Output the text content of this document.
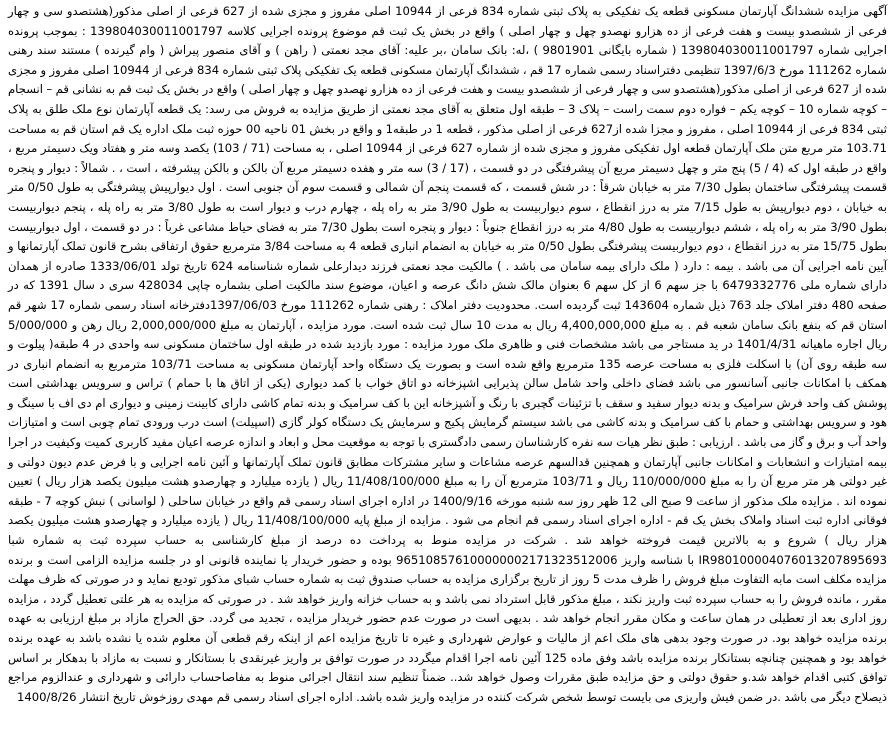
آگهی مزایده ششدانگ آپارتمان مسکونی قطعه یک تفکیکی به پلاک ثبتی شماره 834 فرعی از 10944 اصلی مفروز و مجزی شده از 627 فرعی از اصلی مذکور(هشتصدو سی و چهار فرعی از ششصدو بیست و هفت فرعی از ده هزارو نهصدو چهل و چهار اصلی ) واقع در بخش یک ثبت قم موضوع پرونده اجرایی کلاسه 139804030011001797 : بموجب پرونده اجرایی شماره 139804030011001797 ( شماره بایگانی 9801901 ) ،له: بانک سامان ،بر علیه: آقای مجد نعمتی ( راهن ) و آقای منصور پیراش ( وام گیرنده ) مستند سند رهنی شماره 111262 مورخ 1397/6/3 تنظیمی دفتراسناد رسمی شماره 17 قم ، ششدانگ آپارتمان مسکونی قطعه یک تفکیکی پلاک ثبتی شماره 834 فرعی از 10944 اصلی مفروز و مجزی شده از 627 فرعی از اصلی مذکور(هشتصدو سی و چهار فرعی از ششصدو بیست و هفت فرعی از ده هزارو نهصدو چهل و چهار اصلی ) واقع در بخش یک ثبت قم به نشانی قم – انسجام – کوچه شماره 10 – کوچه یکم – فواره دوم سمت راست – پلاک 3 – طبقه اول متعلق به آقای مجد نعمتی از طریق مزایده به فروش می رسد: یک قطعه آپارتمان نوع ملک طلق به پلاک ثبتی 834 فرعی از 10944 اصلی ، مفروز و مجزا شده از627 فرعی از اصلی مذکور ، قطعه 1 در طبقه1 و واقع در بخش 01 ناحیه 00 حوزه ثبت ملک اداره یک قم استان قم به مساحت 103.71 متر مربع متن ملک آپارتمان قطعه اول تفکیکی مفروز و مجزی شده از شماره 627 فرعی از 10944 اصلی ، به مساحت (71 / 103) یکصد وسه متر و هفتاد ویک دسیمتر مربع ، واقع در طبقه اول که (4 / 5) پنج متر و چهل دسیمتر مربع آن پیشرفتگی در دو قسمت ، (17 / 3) سه متر و هفده دسیمتر مربع آن بالکن و بالکن پیشرفته ، است ، . شمالاً : دیوار و پنجره قسمت پیشرفتگی ساختمان بطول 7/30 متر به خیابان شرقاً : در شش قسمت ، که قسمت پنجم آن شمالی و قسمت سوم آن جنوبی است . اول دیوارپیش پیشرفتگی به طول 0/50 متر به خیابان ، دوم دیوارپیش به طول 7/15 متر به درز انقطاع ، سوم دیواربیست به طول 3/90 متر به راه پله ، چهارم درب و دیوار است به طول 3/80 متر به راه پله ، پنجم دیواربیست بطول 3/90 متر به راه پله ، ششم دیواربیست به طول 4/80 متر به درز انقطاع جنوباً : دیوار و پنجره است بطول 7/30 متر به فضای حیاط مشاعی غرباً : در دو قسمت ، اول دیواربیست بطول 15/75 متر به درز انقطاع ، دوم دیواربیست پیشرفتگی بطول 0/50 متر به خیابان به انضمام انباری قطعه 4 به مساحت 3/84 مترمربع حقوق ارتفاقی بشرح قانون تملک آپارتمانها و آیین نامه اجرایی آن می باشد . بیمه : دارد ( ملک دارای بیمه سامان می باشد . ) مالکیت مجد نعمتی فرزند دیدارعلی شماره شناسنامه 624 تاریخ تولد 1333/06/01 صادره از همدان دارای شماره ملی 6479332776 با جز سهم 6 از کل سهم 6 بعنوان مالک شش دانگ عرصه و اعیان، موضوع سند مالکیت اصلی بشماره چاپی 428034 سری د سال 1391 که در صفحه 480 دفتر املاک جلد 763 ذیل شماره 143604 ثبت گردیده است. محدودیت دفتر املاک : رهنی شماره 111262 مورخ 1397/06/03دفترخانه اسناد رسمی شماره 17 شهر قم استان قم که بنفع بانک سامان شعبه قم . به مبلغ 4,400,000,000 ریال به مدت 10 سال ثبت شده است. مورد مزایده ، آپارتمان به مبلغ 2,000,000/000 ریال رهن و 5/000/000 ریال اجاره ماهیانه 1401/4/31 در ید مستاجر می باشد مشخصات فنی و ظاهری ملک مورد مزایده : مورد بازدید شده در طبقه اول ساختمان مسکونی سه واحدی در 4 طبقه( پیلوت و سه طبقه روی آن) با اسکلت فلزی به مساحت عرصه 135 مترمربع واقع شده است و بصورت یک دستگاه واحد آپارتمان مسکونی به مساحت 103/71 مترمربع به انضمام انباری در همکف با امکانات جانبی آسانسور می باشد فضای داخلی واحد شامل سالن پذیرایی اشپزخانه دو اتاق خواب با کمد دیواری (یکی از اتاق ها با حمام ) تراس و سرویس بهداشتی است پوشش کف واحد فرش سرامیک و بدنه دیوار سفید و سقف با تزئینات گچبری با رنگ و آشپزخانه این با کف سرامیک و بدنه تمام کاشی دارای کابینت زمینی و دیواری ام دی اف با سینگ و هود و سرویس بهداشتی و حمام با کف سرامیک و بدنه کاشی می باشد سیستم گرمایش پکیج و سرمایش یک دستگاه کولر گازی (اسپیلت) است درب ورودی تمام چوبی است و امتیازات واحد آب و برق و گاز می باشد . ارزیابی : طبق نظر هیات سه نفره کارشناسان رسمی دادگستری با توجه به موقعیت محل و ابعاد و اندازه عرصه اعیان مفید کاربری کمیت وکیفیت در اجرا بیمه امتیازات و انشعابات و امکانات جانبی آپارتمان و همچنین قدالسهم عرصه مشاعات و سایر مشترکات مطابق قانون تملک آپارتمانها و آئین نامه اجرایی و با فرض عدم دیون دولتی و غیر دولتی هر متر مربع آن را به مبلغ 110/000/000 ریال و 103/71 مترمربع آن را به مبلغ 11/408/100/000 ریال ( یازده میلیارد و چهارصدو هشت میلیون یکصد هزار ریال ) تعیین نموده اند . مزایده ملک مذکور از ساعت 9 صبح الی 12 ظهر روز سه شنبه مورخه 1400/9/16 در اداره اجرای اسناد رسمی قم واقع در خیابان ساحلی ( لواسانی ) نبش کوچه 7 - طبقه فوقانی اداره ثبت اسناد واملاک بخش یک قم - اداره اجرای اسناد رسمی قم انجام می شود . مزایده از مبلغ پایه 11/408/100/000 ریال ( یازده میلیارد و چهارصدو هشت میلیون یکصد هزار ریال ) شروع و به بالاترین قیمت فروخته خواهد شد . شرکت در مزایده منوط به پرداخت ده درصد از مبلغ کارشناسی به حساب سپرده ثبت به شماره شبا IR980100004076013207895693 با شناسه واریز 965108576100000002171323512006 بوده و حضور خریدار یا نماینده قانونی او در جلسه مزایده الزامی است و برنده مزایده مکلف است مابه التفاوت مبلغ فروش را ظرف مدت 5 روز از تاریخ برگزاری مزایده به حساب صندوق ثبت به شماره حساب شبای مذکور تودیع نماید و در صورتی که ظرف مهلت مقرر ، مانده فروش را به حساب سپرده ثبت واریز نکند ، مبلغ مذکور قابل استرداد نمی باشد و به حساب خزانه واریز خواهد شد . در صورتی که مزایده به هر علتی تعطیل گردد ، مزایده روز اداری بعد از تعطیلی در همان ساعت و مکان مقرر انجام خواهد شد . بدیهی است در صورت عدم حضور خریدار مزایده ، تجدید می گردد. حق الحراج مازاد بر مبلغ ارزیابی به عهده برنده مزایده خواهد بود. در صورت وجود بدهی های ملک اعم از مالیات و عوارض شهرداری و غیره تا تاریخ مزایده اعم از اینکه رقم قطعی آن معلوم شده یا نشده باشد به عهده برنده خواهد بود و همچنین چنانچه بستانکار برنده مزایده باشد وفق ماده 125 آئین نامه اجرا اقدام میگردد در صورت توافق بر واریز غیرنقدی با بستانکار و نسبت به مازاد با بدهکار بر اساس توافق کتبی اقدام خواهد شد.و حقوق دولتی و حق مزایده طبق مقررات وصول خواهد شد.. ضمناً تنظیم سند انتقال اجرائی منوط به مفاصاحساب دارائی و شهرداری و عندالزوم مراجع ذیصلاح دیگر می باشد .در ضمن فیش واریزی می بایست توسط شخص شرکت کننده در مزایده واریز شده باشد. اداره اجرای اسناد رسمی قم مهدی روزخوش تاریخ انتشار 1400/8/26
